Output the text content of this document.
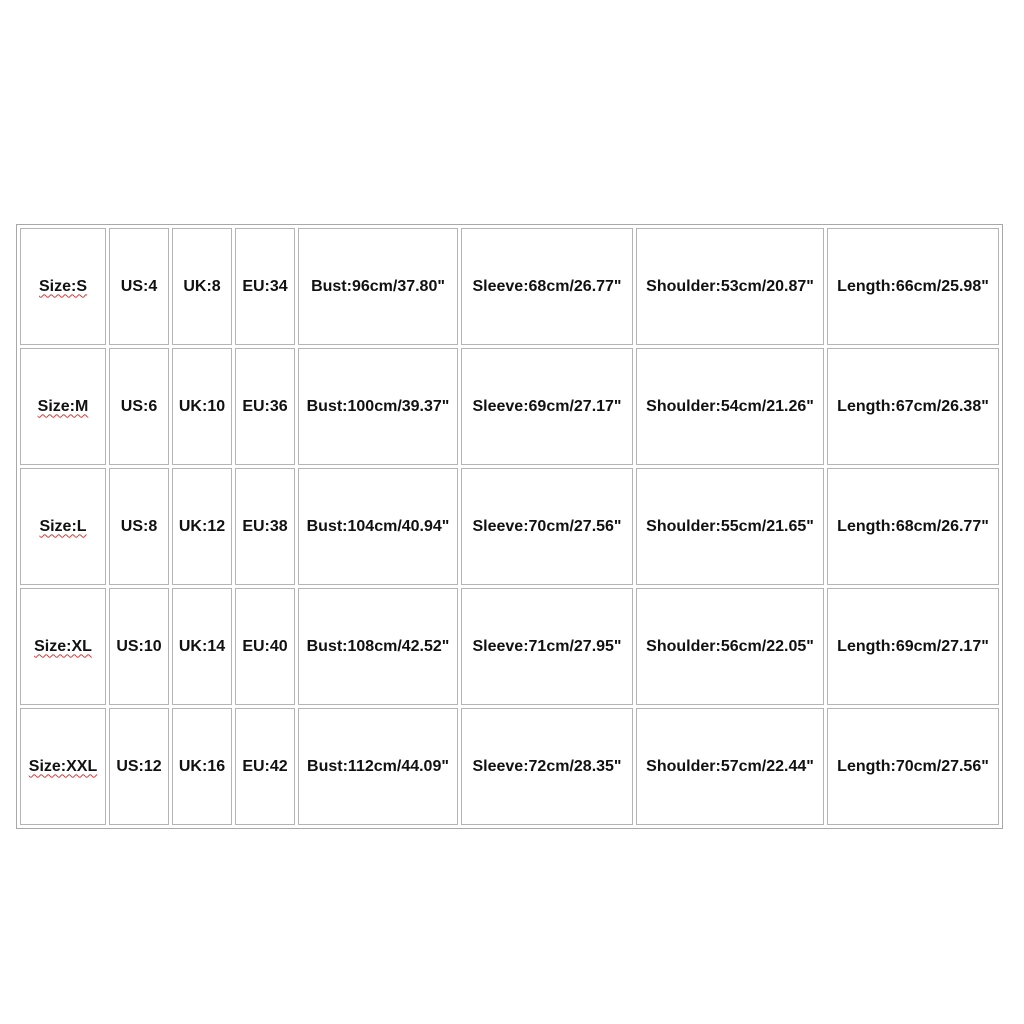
Size:S	US:4	UK:8	EU:34	Bust:96cm/37.80"	Sleeve:68cm/26.77"	Shoulder:53cm/20.87"	Length:66cm/25.98"
Size:M	US:6	UK:10	EU:36	Bust:100cm/39.37"	Sleeve:69cm/27.17"	Shoulder:54cm/21.26"	Length:67cm/26.38"
Size:L	US:8	UK:12	EU:38	Bust:104cm/40.94"	Sleeve:70cm/27.56"	Shoulder:55cm/21.65"	Length:68cm/26.77"
Size:XL	US:10	UK:14	EU:40	Bust:108cm/42.52"	Sleeve:71cm/27.95"	Shoulder:56cm/22.05"	Length:69cm/27.17"
Size:XXL	US:12	UK:16	EU:42	Bust:112cm/44.09"	Sleeve:72cm/28.35"	Shoulder:57cm/22.44"	Length:70cm/27.56"
